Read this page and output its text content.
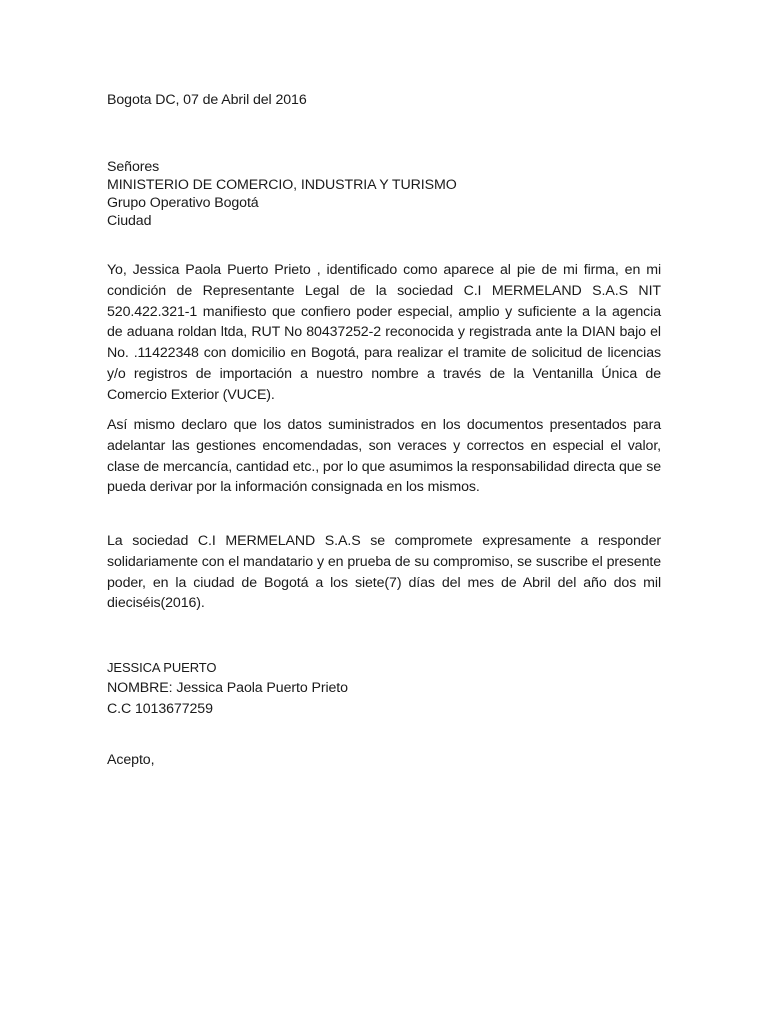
Bogota DC, 07 de Abril del 2016
Señores
MINISTERIO DE COMERCIO, INDUSTRIA Y TURISMO
Grupo Operativo Bogotá
Ciudad
Yo, Jessica Paola Puerto Prieto , identificado como aparece al pie de mi firma, en mi condición de Representante Legal de la sociedad C.I MERMELAND S.A.S NIT 520.422.321-1 manifiesto que confiero poder especial, amplio y suficiente a la agencia de aduana roldan ltda, RUT No 80437252-2 reconocida y registrada ante la DIAN bajo el No. .11422348 con domicilio en Bogotá, para realizar el tramite de solicitud de licencias y/o registros de importación a nuestro nombre a través de la Ventanilla Única de Comercio Exterior (VUCE).
Así mismo declaro que los datos suministrados en los documentos presentados para adelantar las gestiones encomendadas, son veraces y correctos en especial el valor, clase de mercancía, cantidad etc., por lo que asumimos la responsabilidad directa que se pueda derivar por la información consignada en los mismos.
La sociedad C.I MERMELAND S.A.S se compromete expresamente a responder solidariamente con el mandatario y en prueba de su compromiso, se suscribe el presente poder, en la ciudad de Bogotá a los siete(7) días del mes de Abril del año dos mil dieciséis(2016).
JESSICA PUERTO
NOMBRE: Jessica Paola Puerto Prieto
C.C 1013677259
Acepto,
